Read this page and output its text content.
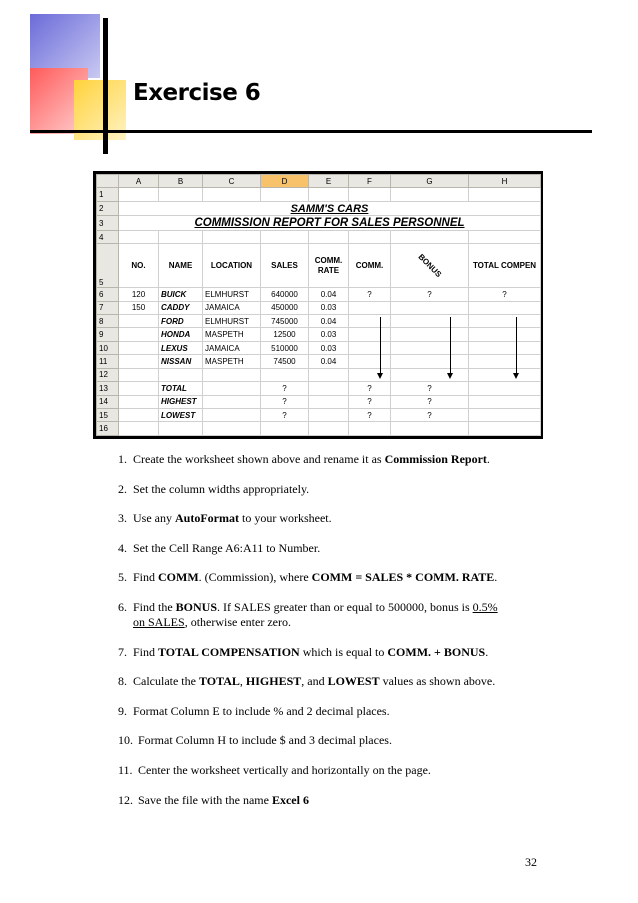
Exercise 6
	A	B	C	D	E	F	G	H
1								
2	SAMM'S CARS							
3	COMMISSION REPORT FOR SALES PERSONNEL							
4								
5	NO.	NAME	LOCATION	SALES	COMM. RATE	COMM.	BONUS	TOTAL COMPEN
6	120	BUICK	ELMHURST	640000	0.04	?	?	?
7	150	CADDY	JAMAICA	450000	0.03			
8		FORD	ELMHURST	745000	0.04			
9		HONDA	MASPETH	12500	0.03			
10		LEXUS	JAMAICA	510000	0.03			
11		NISSAN	MASPETH	74500	0.04			
12								
13		TOTAL		?		?	?	
14		HIGHEST		?		?	?	
15		LOWEST		?		?	?	
16								
1. Create the worksheet shown above and rename it as Commission Report.
2. Set the column widths appropriately.
3. Use any AutoFormat to your worksheet.
4. Set the Cell Range A6:A11 to Number.
5. Find COMM. (Commission), where COMM = SALES * COMM. RATE.
6. Find the BONUS. If SALES greater than or equal to 500000, bonus is 0.5%
on SALES, otherwise enter zero.
7. Find TOTAL COMPENSATION which is equal to COMM. + BONUS.
8. Calculate the TOTAL, HIGHEST, and LOWEST values as shown above.
9. Format Column E to include % and 2 decimal places.
10. Format Column H to include $ and 3 decimal places.
11. Center the worksheet vertically and horizontally on the page.
12. Save the file with the name Excel 6
32
